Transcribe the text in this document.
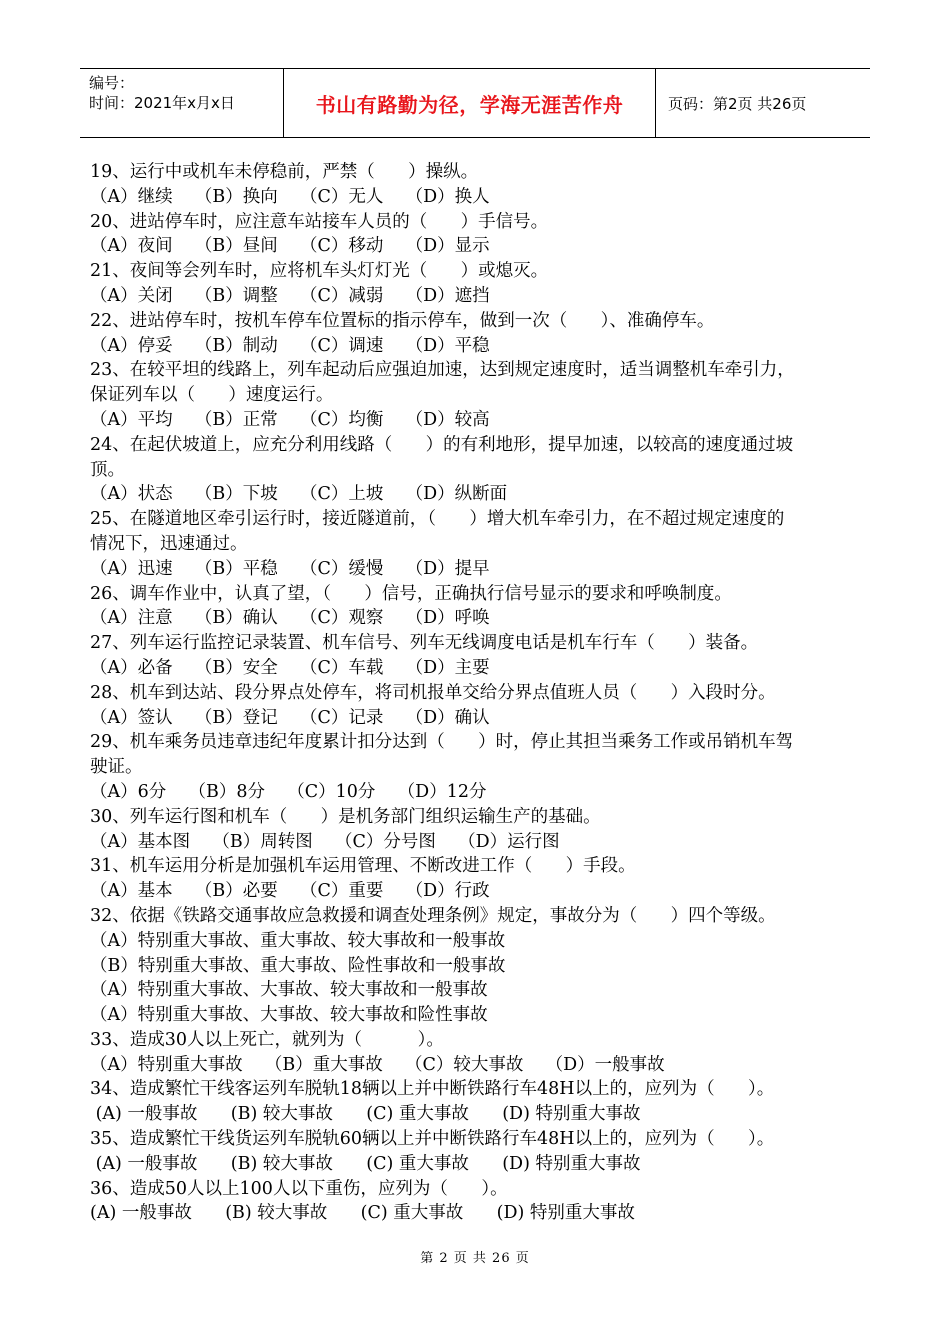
编号：
时间：2021年x月x日	书山有路勤为径，学海无涯苦作舟	页码：第2页 共26页
19、运行中或机车未停稳前，严禁（      ）操纵。
（A）继续    （B）换向    （C）无人    （D）换人
20、进站停车时，应注意车站接车人员的（      ）手信号。
（A）夜间    （B）昼间    （C）移动    （D）显示
21、夜间等会列车时，应将机车头灯灯光（      ）或熄灭。
（A）关闭    （B）调整    （C）减弱    （D）遮挡
22、进站停车时，按机车停车位置标的指示停车，做到一次（      ）、准确停车。
（A）停妥    （B）制动    （C）调速    （D）平稳
23、在较平坦的线路上，列车起动后应强迫加速，达到规定速度时，适当调整机车牵引力，
保证列车以（      ）速度运行。
（A）平均    （B）正常    （C）均衡    （D）较高
24、在起伏坡道上，应充分利用线路（      ）的有利地形，提早加速，以较高的速度通过坡
顶。
（A）状态    （B）下坡    （C）上坡    （D）纵断面
25、在隧道地区牵引运行时，接近隧道前，（      ）增大机车牵引力，在不超过规定速度的
情况下，迅速通过。
（A）迅速    （B）平稳    （C）缓慢    （D）提早
26、调车作业中，认真了望，（      ）信号，正确执行信号显示的要求和呼唤制度。
（A）注意    （B）确认    （C）观察    （D）呼唤
27、列车运行监控记录装置、机车信号、列车无线调度电话是机车行车（      ）装备。
（A）必备    （B）安全    （C）车载    （D）主要
28、机车到达站、段分界点处停车，将司机报单交给分界点值班人员（      ）入段时分。
（A）签认    （B）登记    （C）记录    （D）确认
29、机车乘务员违章违纪年度累计扣分达到（      ）时，停止其担当乘务工作或吊销机车驾
驶证。
（A）6分    （B）8分    （C）10分    （D）12分
30、列车运行图和机车（      ）是机务部门组织运输生产的基础。
（A）基本图    （B）周转图    （C）分号图    （D）运行图
31、机车运用分析是加强机车运用管理、不断改进工作（      ）手段。
（A）基本    （B）必要    （C）重要    （D）行政
32、依据《铁路交通事故应急救援和调查处理条例》规定，事故分为（      ）四个等级。
（A）特别重大事故、重大事故、较大事故和一般事故
（B）特别重大事故、重大事故、险性事故和一般事故
（A）特别重大事故、大事故、较大事故和一般事故
（A）特别重大事故、大事故、较大事故和险性事故
33、造成30人以上死亡，就列为（          ）。
（A）特别重大事故    （B）重大事故    （C）较大事故    （D）一般事故
34、造成繁忙干线客运列车脱轨18辆以上并中断铁路行车48H以上的，应列为（      ）。
(A) 一般事故      (B) 较大事故      (C) 重大事故      (D) 特别重大事故
35、造成繁忙干线货运列车脱轨60辆以上并中断铁路行车48H以上的，应列为（      ）。
(A) 一般事故      (B) 较大事故      (C) 重大事故      (D) 特别重大事故
36、造成50人以上100人以下重伤，应列为（      ）。
(A) 一般事故      (B) 较大事故      (C) 重大事故      (D) 特别重大事故
第 2 页 共 26 页
